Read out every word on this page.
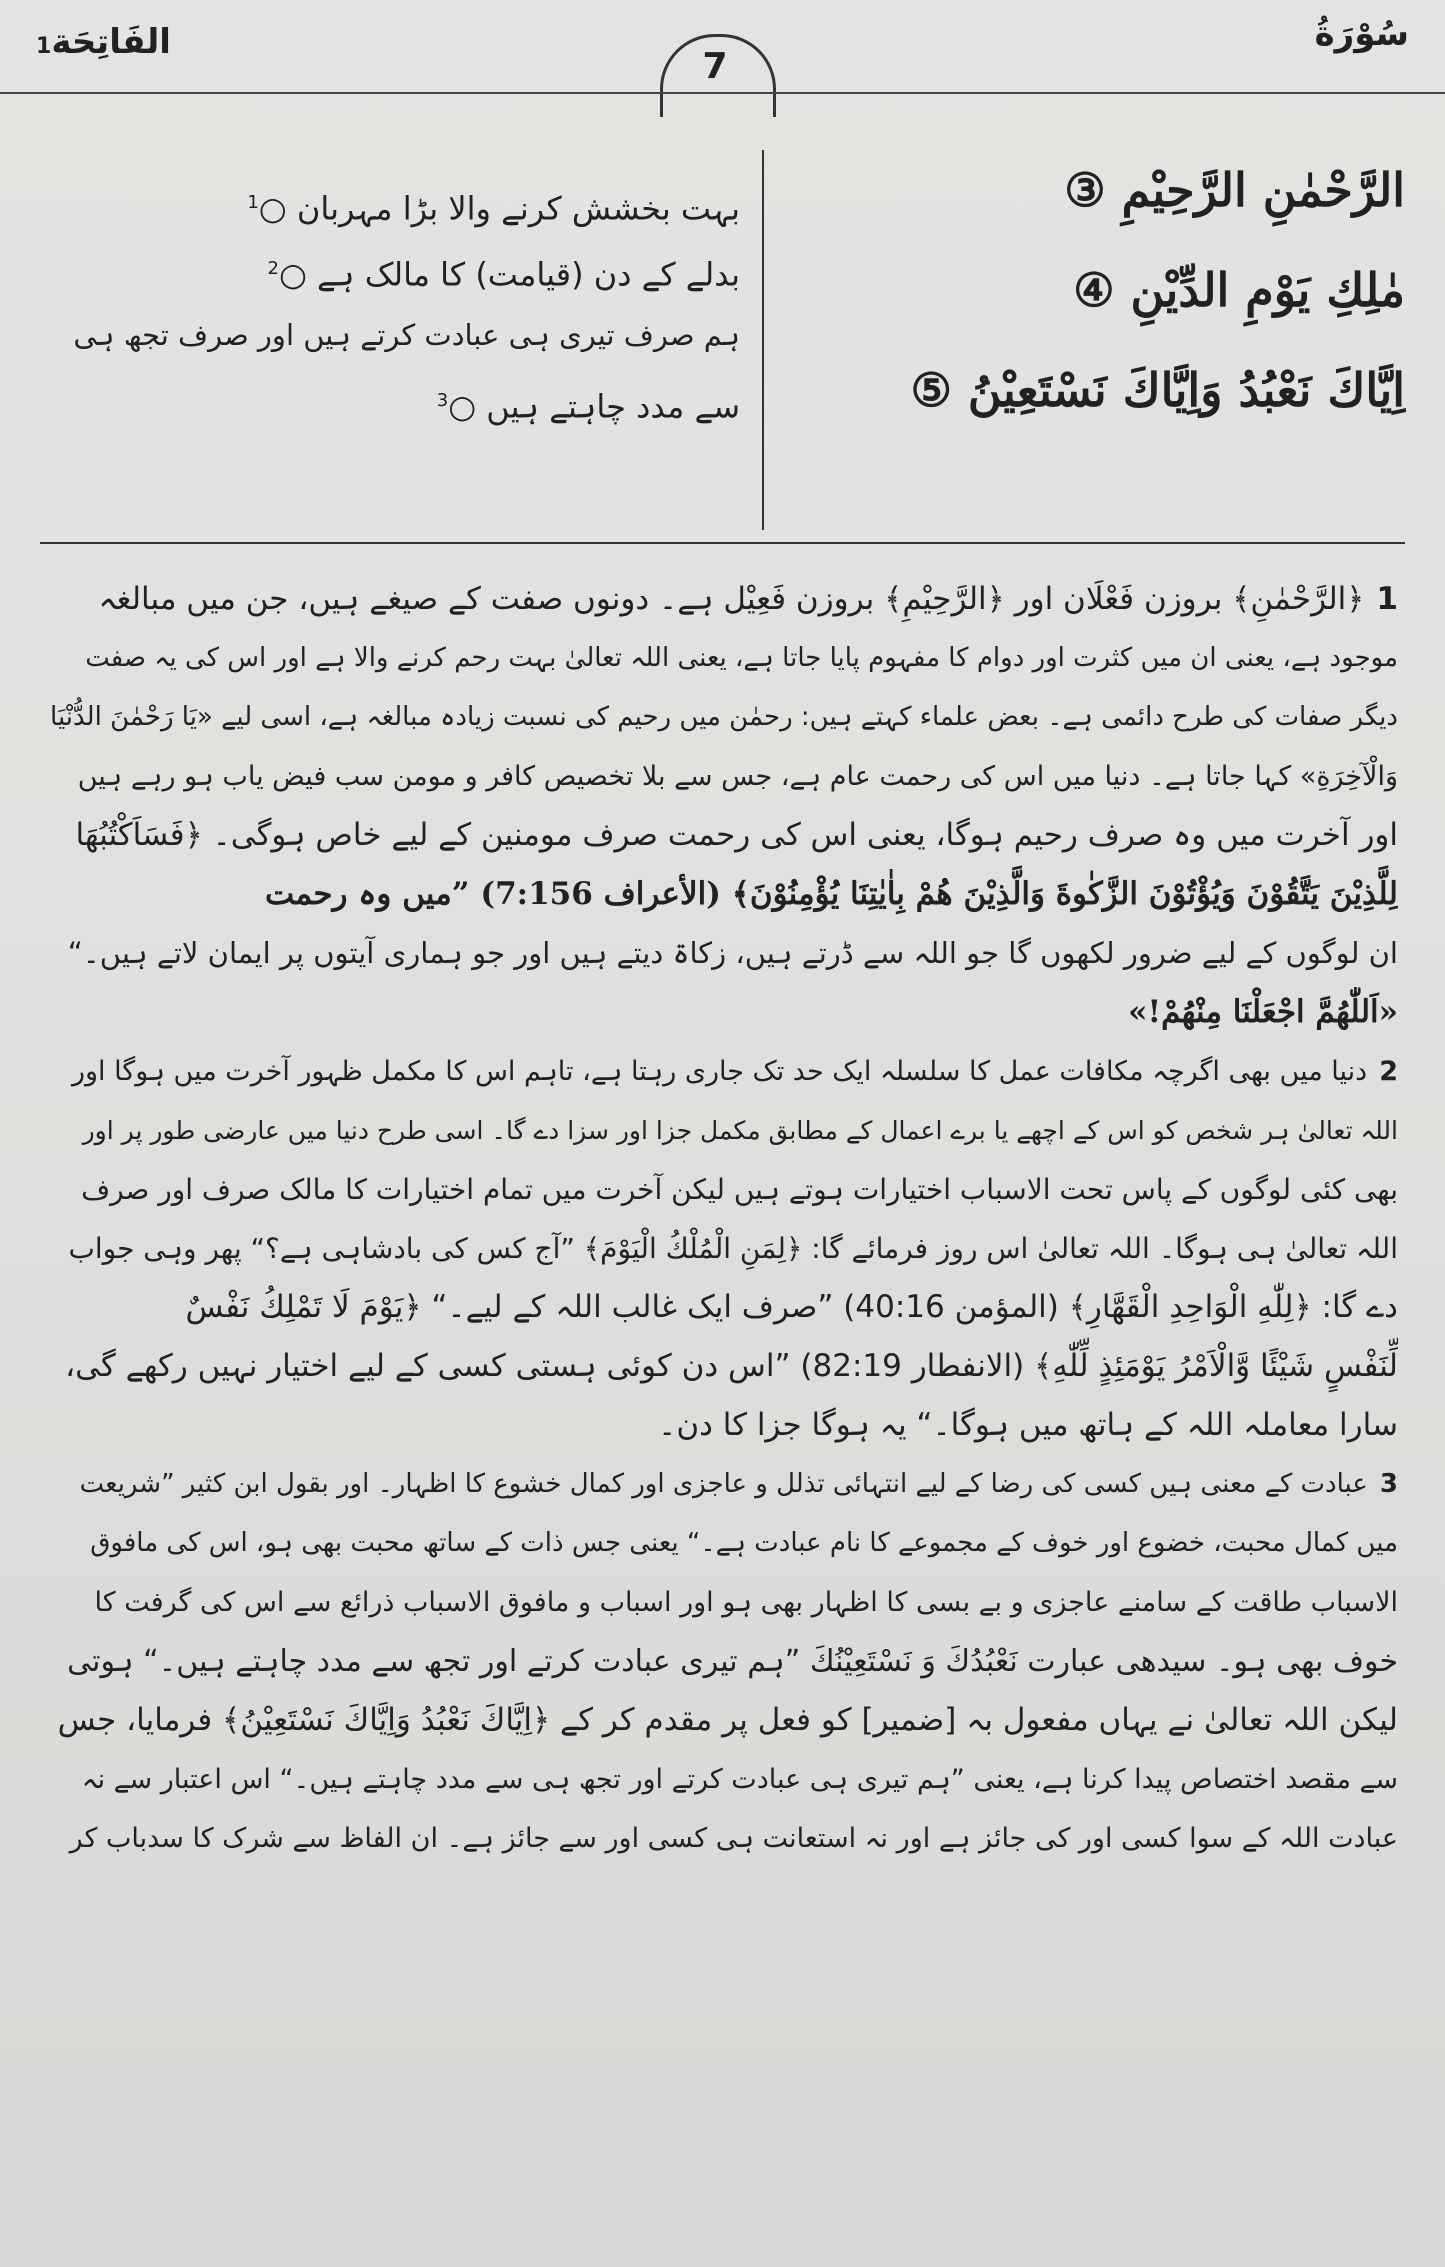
سُوْرَةُ
7
الفَاتِحَة1
الرَّحْمٰنِ الرَّحِيْمِ ③
مٰلِكِ يَوْمِ الدِّيْنِ ④
اِيَّاكَ نَعْبُدُ وَاِيَّاكَ نَسْتَعِيْنُ ⑤
بہت بخشش کرنے والا بڑا مہربان ○$^1$
بدلے کے دن (قیامت) کا مالک ہے ○$^2$
ہم صرف تیری ہی عبادت کرتے ہیں اور صرف تجھ ہی
سے مدد چاہتے ہیں ○$^3$
1﴿الرَّحْمٰنِ﴾ بروزن فَعْلَان اور ﴿الرَّحِيْمِ﴾ بروزن فَعِيْل ہے۔ دونوں صفت کے صیغے ہیں، جن میں مبالغہ
موجود ہے، یعنی ان میں کثرت اور دوام کا مفہوم پایا جاتا ہے، یعنی اللہ تعالیٰ بہت رحم کرنے والا ہے اور اس کی یہ صفت
دیگر صفات کی طرح دائمی ہے۔ بعض علماء کہتے ہیں: رحمٰن میں رحیم کی نسبت زیادہ مبالغہ ہے، اسی لیے «یَا رَحْمٰنَ الدُّنْیَا
وَالْآخِرَةِ» کہا جاتا ہے۔ دنیا میں اس کی رحمت عام ہے، جس سے بلا تخصیص کافر و مومن سب فیض یاب ہو رہے ہیں
اور آخرت میں وہ صرف رحیم ہوگا، یعنی اس کی رحمت صرف مومنین کے لیے خاص ہوگی۔ ﴿فَسَاَكْتُبُهَا
لِلَّذِيْنَ يَتَّقُوْنَ وَيُؤْتُوْنَ الزَّكٰوةَ وَالَّذِيْنَ هُمْ بِاٰيٰتِنَا يُؤْمِنُوْنَ﴾ (الأعراف 7:156) ”میں وہ رحمت
ان لوگوں کے لیے ضرور لکھوں گا جو اللہ سے ڈرتے ہیں، زکاۃ دیتے ہیں اور جو ہماری آیتوں پر ایمان لاتے ہیں۔“
«اَللّٰهُمَّ اجْعَلْنَا مِنْهُمْ!»
2دنیا میں بھی اگرچہ مکافات عمل کا سلسلہ ایک حد تک جاری رہتا ہے، تاہم اس کا مکمل ظہور آخرت میں ہوگا اور
اللہ تعالیٰ ہر شخص کو اس کے اچھے یا برے اعمال کے مطابق مکمل جزا اور سزا دے گا۔ اسی طرح دنیا میں عارضی طور پر اور
بھی کئی لوگوں کے پاس تحت الاسباب اختیارات ہوتے ہیں لیکن آخرت میں تمام اختیارات کا مالک صرف اور صرف
اللہ تعالیٰ ہی ہوگا۔ اللہ تعالیٰ اس روز فرمائے گا: ﴿لِمَنِ الْمُلْكُ الْيَوْمَ﴾ ”آج کس کی بادشاہی ہے؟“ پھر وہی جواب
دے گا: ﴿لِلّٰهِ الْوَاحِدِ الْقَهَّارِ﴾ (المؤمن 40:16) ”صرف ایک غالب اللہ کے لیے۔“ ﴿يَوْمَ لَا تَمْلِكُ نَفْسٌ
لِّنَفْسٍ شَيْئًا وَّالْاَمْرُ يَوْمَئِذٍ لِّلّٰهِ﴾ (الانفطار 82:19) ”اس دن کوئی ہستی کسی کے لیے اختیار نہیں رکھے گی،
سارا معاملہ اللہ کے ہاتھ میں ہوگا۔“ یہ ہوگا جزا کا دن۔
3عبادت کے معنی ہیں کسی کی رضا کے لیے انتہائی تذلل و عاجزی اور کمال خشوع کا اظہار۔ اور بقول ابن کثیر ”شریعت
میں کمال محبت، خضوع اور خوف کے مجموعے کا نام عبادت ہے۔“ یعنی جس ذات کے ساتھ محبت بھی ہو، اس کی مافوق
الاسباب طاقت کے سامنے عاجزی و بے بسی کا اظہار بھی ہو اور اسباب و مافوق الاسباب ذرائع سے اس کی گرفت کا
خوف بھی ہو۔ سیدھی عبارت نَعْبُدُكَ وَ نَسْتَعِيْنُكَ ”ہم تیری عبادت کرتے اور تجھ سے مدد چاہتے ہیں۔“ ہوتی
لیکن اللہ تعالیٰ نے یہاں مفعول بہ [ضمیر] کو فعل پر مقدم کر کے ﴿اِيَّاكَ نَعْبُدُ وَاِيَّاكَ نَسْتَعِيْنُ﴾ فرمایا، جس
سے مقصد اختصاص پیدا کرنا ہے، یعنی ”ہم تیری ہی عبادت کرتے اور تجھ ہی سے مدد چاہتے ہیں۔“ اس اعتبار سے نہ
عبادت اللہ کے سوا کسی اور کی جائز ہے اور نہ استعانت ہی کسی اور سے جائز ہے۔ ان الفاظ سے شرک کا سدباب کر
